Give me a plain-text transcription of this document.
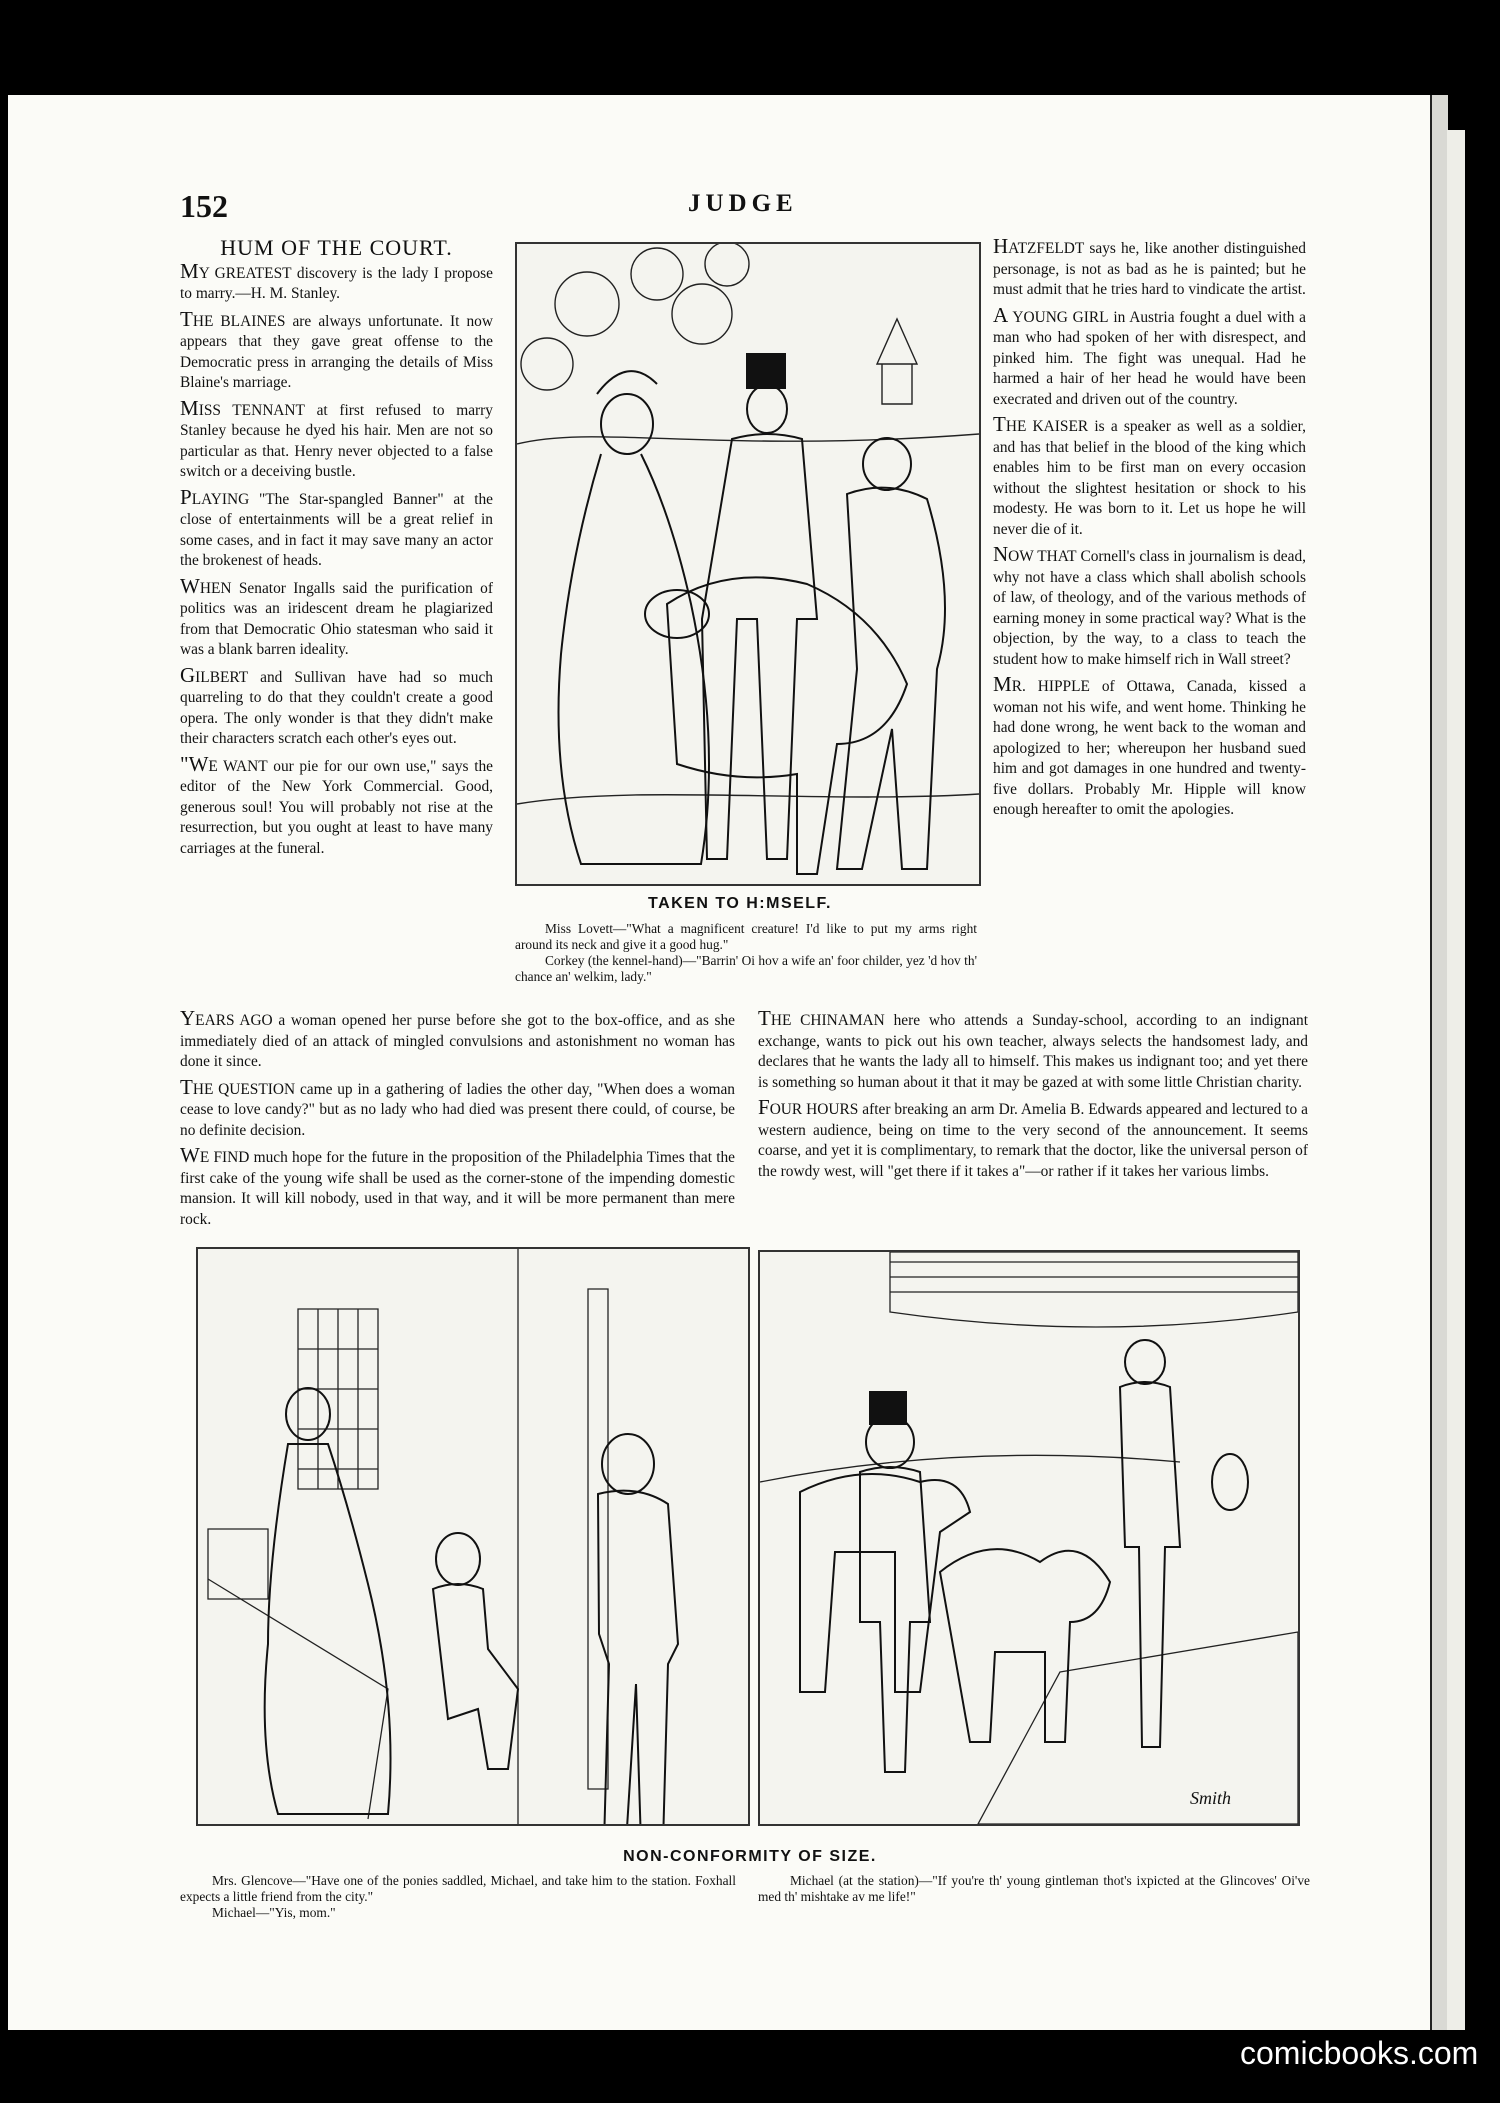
152	JUDGE
HUM OF THE COURT.

MY GREATEST discovery is the lady I propose to marry.—H. M. Stanley.

THE BLAINES are always unfortunate. It now appears that they gave great offense to the Democratic press in arranging the details of Miss Blaine's marriage.

MISS TENNANT at first refused to marry Stanley because he dyed his hair. Men are not so particular as that. Henry never objected to a false switch or a deceiving bustle.

PLAYING "The Star-spangled Banner" at the close of entertainments will be a great relief in some cases, and in fact it may save many an actor the brokenest of heads.

WHEN Senator Ingalls said the purification of politics was an iridescent dream he plagiarized from that Democratic Ohio statesman who said it was a blank barren ideality.

GILBERT and Sullivan have had so much quarreling to do that they couldn't create a good opera. The only wonder is that they didn't make their characters scratch each other's eyes out.

"WE WANT our pie for our own use," says the editor of the New York Commercial. Good, generous soul! You will probably not rise at the resurrection, but you ought at least to have many carriages at the funeral.

HATZFELDT says he, like another distinguished personage, is not as bad as he is painted; but he must admit that he tries hard to vindicate the artist.

A YOUNG GIRL in Austria fought a duel with a man who had spoken of her with disrespect, and pinked him. The fight was unequal. Had he harmed a hair of her head he would have been execrated and driven out of the country.

THE KAISER is a speaker as well as a soldier, and has that belief in the blood of the king which enables him to be first man on every occasion without the slightest hesitation or shock to his modesty. He was born to it. Let us hope he will never die of it.

NOW THAT Cornell's class in journalism is dead, why not have a class which shall abolish schools of law, of theology, and of the various methods of earning money in some practical way? What is the objection, by the way, to a class to teach the student how to make himself rich in Wall street?

MR. HIPPLE of Ottawa, Canada, kissed a woman not his wife, and went home. Thinking he had done wrong, he went back to the woman and apologized to her; whereupon her husband sued him and got damages in one hundred and twenty-five dollars. Probably Mr. Hipple will know enough hereafter to omit the apologies.

YEARS AGO a woman opened her purse before she got to the box-office, and as she immediately died of an attack of mingled convulsions and astonishment no woman has done it since.

THE QUESTION came up in a gathering of ladies the other day, "When does a woman cease to love candy?" but as no lady who had died was present there could, of course, be no definite decision.

WE FIND much hope for the future in the proposition of the Philadelphia Times that the first cake of the young wife shall be used as the corner-stone of the impending domestic mansion. It will kill nobody, used in that way, and it will be more permanent than mere rock.

THE CHINAMAN here who attends a Sunday-school, according to an indignant exchange, wants to pick out his own teacher, always selects the handsomest lady, and declares that he wants the lady all to himself. This makes us indignant too; and yet there is something so human about it that it may be gazed at with some little Christian charity.

FOUR HOURS after breaking an arm Dr. Amelia B. Edwards appeared and lectured to a western audience, being on time to the very second of the announcement. It seems coarse, and yet it is complimentary, to remark that the doctor, like the universal person of the rowdy west, will "get there if it takes a"—or rather if it takes her various limbs.

TAKEN TO H:MSELF.
Miss Lovett—"What a magnificent creature! I'd like to put my arms right around its neck and give it a good hug."
Corkey (the kennel-hand)—"Barrin' Oi hov a wife an' foor childer, yez 'd hov th' chance an' welkim, lady."
NON-CONFORMITY OF SIZE.
Mrs. Glencove—"Have one of the ponies saddled, Michael, and take him to the station. Foxhall expects a little friend from the city."
Michael—"Yis, mom."
Michael (at the station)—"If you're th' young gintleman thot's ixpicted at the Glincoves' Oi've med th' mishtake av me life!"
Smith
comicbooks.com
